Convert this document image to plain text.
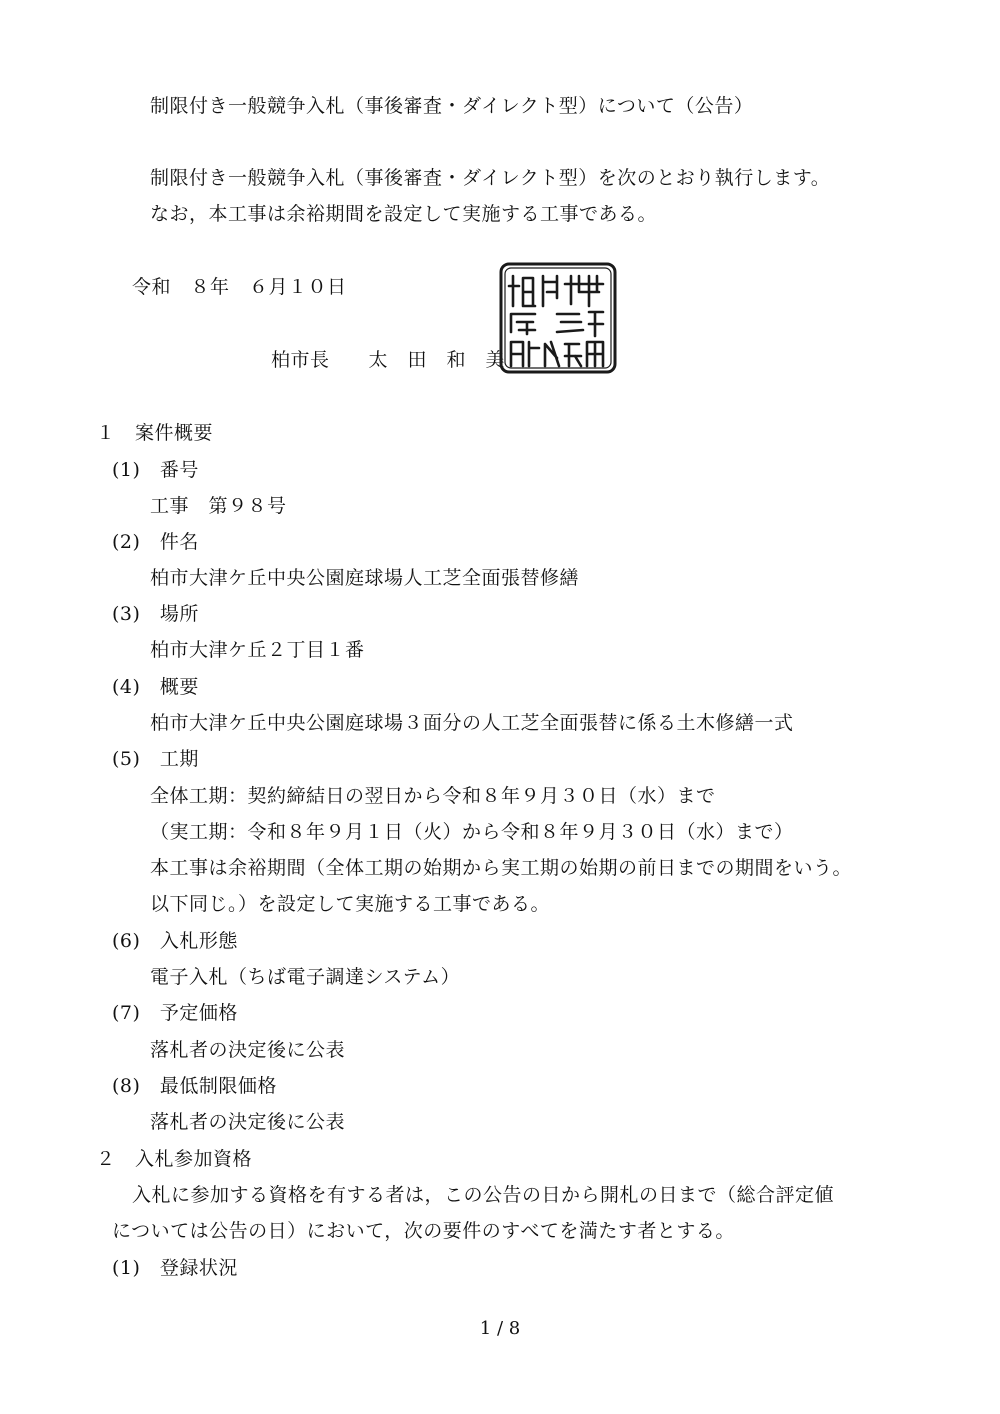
制限付き一般競争入札（事後審査・ダイレクト型）について（公告）
制限付き一般競争入札（事後審査・ダイレクト型）を次のとおり執行します。
なお，本工事は余裕期間を設定して実施する工事である。
令和　８年　６月１０日
柏市長　　太　田　和　美
１　案件概要
(1)　番号
工事　第９８号
(2)　件名
柏市大津ケ丘中央公園庭球場人工芝全面張替修繕
(3)　場所
柏市大津ケ丘２丁目１番
(4)　概要
柏市大津ケ丘中央公園庭球場３面分の人工芝全面張替に係る土木修繕一式
(5)　工期
全体工期：契約締結日の翌日から令和８年９月３０日（水）まで
（実工期：令和８年９月１日（火）から令和８年９月３０日（水）まで）
本工事は余裕期間（全体工期の始期から実工期の始期の前日までの期間をいう。
以下同じ。）を設定して実施する工事である。
(6)　入札形態
電子入札（ちば電子調達システム）
(7)　予定価格
落札者の決定後に公表
(8)　最低制限価格
落札者の決定後に公表
２　入札参加資格
入札に参加する資格を有する者は，この公告の日から開札の日まで（総合評定値
については公告の日）において，次の要件のすべてを満たす者とする。
(1)　登録状況
1 / 8
